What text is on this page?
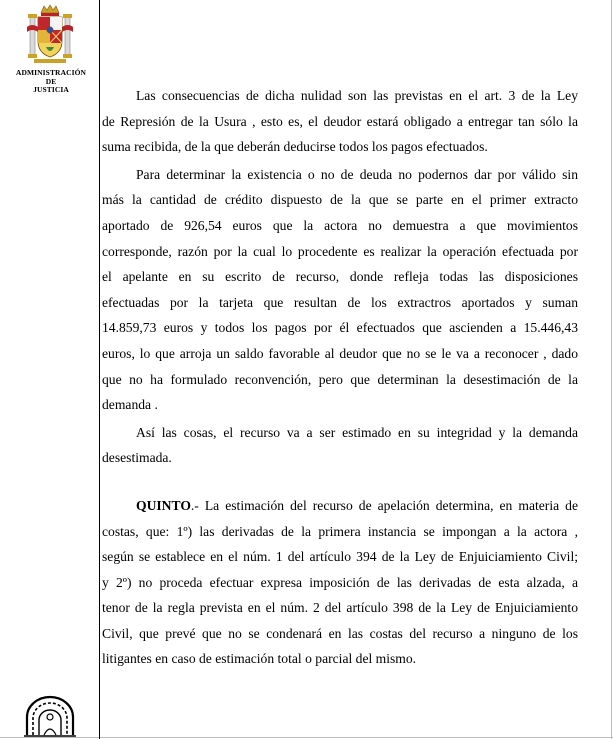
ADMINISTRACIÓN
DE
JUSTICIA	Las consecuencias de dicha nulidad son las previstas en el art. 3 de la Ley
de Represión de la Usura , esto es, el deudor estará obligado a entregar tan sólo la
suma recibida, de la que deberán deducirse todos los pagos efectuados.

Para determinar la existencia o no de deuda no podernos dar por válido sin
más la cantidad de crédito dispuesto de la que se parte en el primer extracto
aportado de 926,54 euros que la actora no demuestra a que movimientos
corresponde, razón por la cual lo procedente es realizar la operación efectuada por
el apelante en su escrito de recurso, donde refleja todas las disposiciones
efectuadas por la tarjeta que resultan de los extractros aportados y suman
14.859,73 euros y todos los pagos por él efectuados que ascienden a 15.446,43
euros, lo que arroja un saldo favorable al deudor que no se le va a reconocer , dado
que no ha formulado reconvención, pero que determinan la desestimación de la
demanda .

Así las cosas, el recurso va a ser estimado en su integridad y la demanda
desestimada.

QUINTO.- La estimación del recurso de apelación determina, en materia de
costas, que: 1º) las derivadas de la primera instancia se impongan a la actora ,
según se establece en el núm. 1 del artículo 394 de la Ley de Enjuiciamiento Civil;
y 2º) no proceda efectuar expresa imposición de las derivadas de esta alzada, a
tenor de la regla prevista en el núm. 2 del artículo 398 de la Ley de Enjuiciamiento
Civil, que prevé que no se condenará en las costas del recurso a ninguno de los
litigantes en caso de estimación total o parcial del mismo.
